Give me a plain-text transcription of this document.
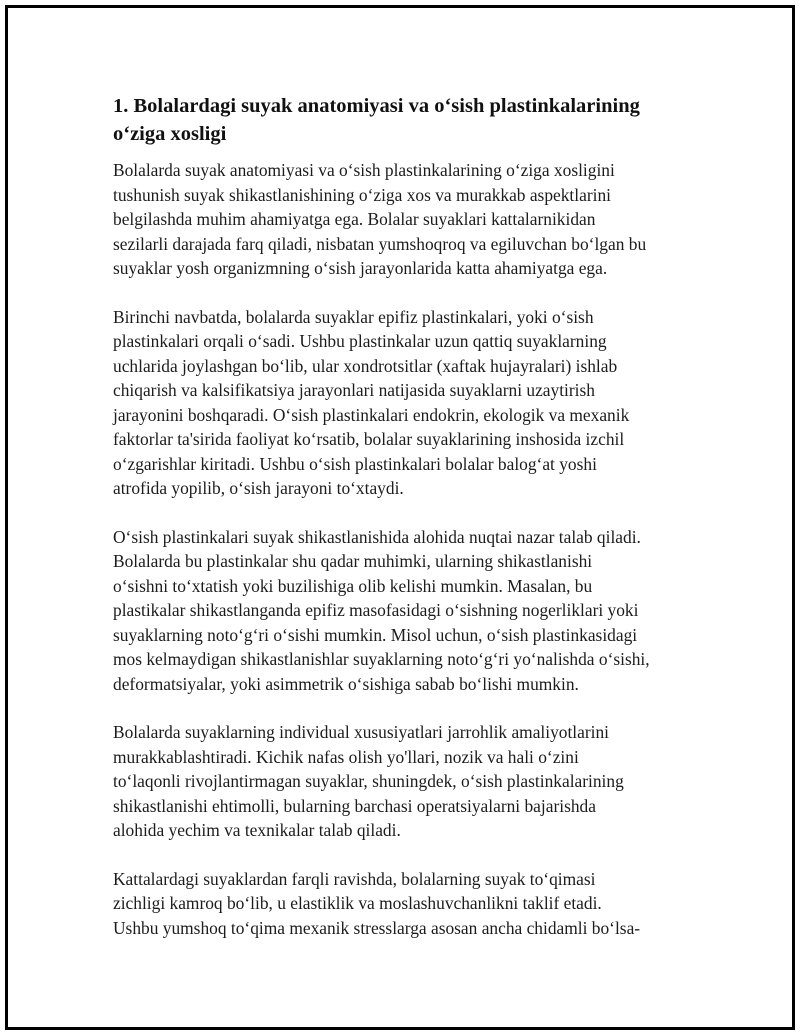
1. Bolalardagi suyak anatomiyasi va o‘sish plastinkalarining o‘ziga xosligi

Bolalarda suyak anatomiyasi va o‘sish plastinkalarining o‘ziga xosligini
tushunish suyak shikastlanishining o‘ziga xos va murakkab aspektlarini
belgilashda muhim ahamiyatga ega. Bolalar suyaklari kattalarnikidan
sezilarli darajada farq qiladi, nisbatan yumshoqroq va egiluvchan bo‘lgan bu
suyaklar yosh organizmning o‘sish jarayonlarida katta ahamiyatga ega.

Birinchi navbatda, bolalarda suyaklar epifiz plastinkalari, yoki o‘sish
plastinkalari orqali o‘sadi. Ushbu plastinkalar uzun qattiq suyaklarning
uchlarida joylashgan bo‘lib, ular xondrotsitlar (xaftak hujayralari) ishlab
chiqarish va kalsifikatsiya jarayonlari natijasida suyaklarni uzaytirish
jarayonini boshqaradi. O‘sish plastinkalari endokrin, ekologik va mexanik
faktorlar ta'sirida faoliyat ko‘rsatib, bolalar suyaklarining inshosida izchil
o‘zgarishlar kiritadi. Ushbu o‘sish plastinkalari bolalar balog‘at yoshi
atrofida yopilib, o‘sish jarayoni to‘xtaydi.

O‘sish plastinkalari suyak shikastlanishida alohida nuqtai nazar talab qiladi.
Bolalarda bu plastinkalar shu qadar muhimki, ularning shikastlanishi
o‘sishni to‘xtatish yoki buzilishiga olib kelishi mumkin. Masalan, bu
plastikalar shikastlanganda epifiz masofasidagi o‘sishning nogerliklari yoki
suyaklarning noto‘g‘ri o‘sishi mumkin. Misol uchun, o‘sish plastinkasidagi
mos kelmaydigan shikastlanishlar suyaklarning noto‘g‘ri yo‘nalishda o‘sishi,
deformatsiyalar, yoki asimmetrik o‘sishiga sabab bo‘lishi mumkin.

Bolalarda suyaklarning individual xususiyatlari jarrohlik amaliyotlarini
murakkablashtiradi. Kichik nafas olish yo'llari, nozik va hali o‘zini
to‘laqonli rivojlantirmagan suyaklar, shuningdek, o‘sish plastinkalarining
shikastlanishi ehtimolli, bularning barchasi operatsiyalarni bajarishda
alohida yechim va texnikalar talab qiladi.

Kattalardagi suyaklardan farqli ravishda, bolalarning suyak to‘qimasi
zichligi kamroq bo‘lib, u elastiklik va moslashuvchanlikni taklif etadi.
Ushbu yumshoq to‘qima mexanik stresslarga asosan ancha chidamli bo‘lsa-
